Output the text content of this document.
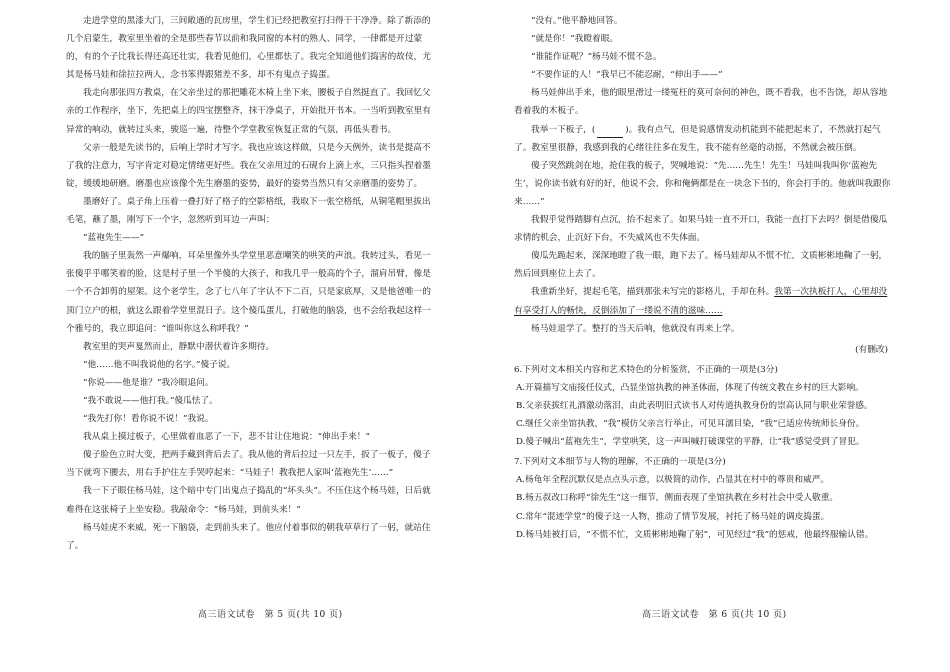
走进学堂的黑漆大门，三间敞通的瓦房里，学生们已经把教室打扫得干干净净。除了新添的几个启蒙生，教室里坐着的全是那些春节以前和我同窗的本村的熟人、同学，一律都是开过蒙的，有的个子比我长得还高还壮实，我看见他们，心里都怯了。我完全知道他们捣害的故伎，尤其是杨马娃和徐拉拉两人，念书笨得跟猪差不多，却不有鬼点子捣蛋。

我走向那张四方教桌，在父亲坐过的那把雕花木椅上坐下来，腰板子自然挺直了。我回忆父亲的工作程序，坐下，先把桌上的四宝摆整齐，抹干净桌子，开始批开书本。一当听到教室里有异常的响动，就转过头来，骏巡一遍，待整个学堂教室恢复正常的气氛，再低头看书。

父亲一般是先读书的，后响上学时才写字。我也应该这样做，只是今天例外，读书是提高不了我的注意力，写字肯定对稳定情绪更好些。我在父亲用过的石砚台上滴上水，三只指头捏着墨锭，缓缓地研磨。磨墨也应该像个先生磨墨的姿势，最好的姿势当然只有父亲磨墨的姿势了。

墨磨好了。桌子角上压着一叠打好了格子的空影格纸，我取下一张空格纸，从铜笔帽里拔出毛笔，蘸了墨，刚写下一个字，忽然听到耳边一声叫：

“蓝袍先生——”

我的脑子里轰然一声爆响，耳朵里像外头学堂里恶意嘲笑的哄笑的声浪。我转过头，看见一张傻乎乎哪笑着的脸，这是村子里一个半傻的大孩子，和我几乎一般高的个子，溜肩吊臂，像是一个不合卸剪的屋架。这个老学生，念了七八年了字认不下二百，只是家底厚，又是他爸唯一的顶门立户的根，就这么跟着学堂里混日子。这个傻瓜蛋儿，打破他的脑袋，也不会给我起这样一个雅号的，我立即追问：“谁叫你这么称呼我？”

教室里的哭声戛然而止，静默中潜伏着许多期待。

“他……他不叫我说他的名字。”傻子说。

“你说——他是谁？”我冷眼追问。

“我不敢说——他打我。”傻瓜怯了。

“我先打你！看你说不说！”我说。

我从桌上摸过板子，心里做着血恶了一下，悲不甘让住地说：“伸出手来！”

傻子脸色立时大变，把两手藏到背后去了。我从他的背后拉过一只左手，扳了一板子，傻子当下就弯下腰去，用右手护住左手哭哼起来：“马娃子！教我把人家叫‘蓝袍先生’……”

我一下子眼住杨马娃，这个暗中专门出鬼点子捣乱的“坏头头”。不压住这个杨马娃，日后就难得在这张椅子上坐安稳。我敲命令：“杨马娃，到前头来！”

杨马娃虎不来威，死一下脑袋，走到前头来了。他应付着事似的朝我草草行了一躬，就站住了。

“没有。”他平静地回答。

“就是你！”我瞪着眼。

“谁能作证呢？”杨马娃不慌不急。

“不要作证的人！”我早已不能忍耐，“伸出手——”

杨马娃伸出手来，他的眼里滑过一缕冤枉的莫可奈何的神色，既不看我，也不告饶，却从容地看着我的木板子。

我举一下板子，(	)。我有点气，但是说感情发动机能到不能把起来了，不然就打起气了。教室里很静，我感到我的心绪往往多在发生，我不能有丝毫的动摇，不然就会被压倒。

傻子突然跳剑在地，抢住我的板子，哭喊地说：“先……先生！先生！马娃叫我叫你‘蓝袍先生’，说你读书就有好的好，他说不会，你和俺俩都是在一块念下书的，你会打手的。他就叫我跟你来……”

我假乎觉得踏脚有点沉，抬不起来了。如果马娃一直不开口，我能一直打下去吗？倒是借傻瓜求情的机会，止沉好下台，不失威风也不失体面。

傻瓜先跪起来，深深地瞪了我一眼，跑下去了。杨马娃却从不慌不忙，文质彬彬地鞠了一躬，然后回到座位上去了。

我重新坐好，提起毛笔，描到那张未写完的影格儿，手却在科。我第一次执板打人，心里却没有享受打人的畅快，反倒添加了一缕说不清的滋味……

杨马娃退学了。整打的当天后响，他就没有再来上学。

(有删改)

6.下列对文本相关内容和艺术特色的分析鉴赏，不正确的一项是(3分)

A.开篇描写文庙接任仪式，凸显坐馆执教的神圣体面，体现了传统文教在乡村的巨大影响。

B.父亲获拔红礼酒激动落泪，由此表明旧式读书人对传道执教身份的崇高认同与职业荣誉感。

C.继任父亲坐馆执教，“我”模仿父亲言行举止，可见耳濡目染，“我”已适应传统师长身份。

D.傻子喊出“蓝袍先生”，学堂哄笑，这一声叫喊打破课堂的平静，让“我”感觉受到了冒犯。

7.下列对文本细节与人物的理解，不正确的一项是(3分)

A.杨龟年全程沉默仅是点点头示意，以极简的动作，凸显其在村中的尊贵和威严。

B.杨五叔改口称呼“徐先生”这一细节，侧面表现了坐馆执教在乡村社会中受人敬重。

C.常年“混迹学堂”的傻子这一人物，推动了情节发展，衬托了杨马娃的调皮捣蛋。

D.杨马娃被打后，“不慌不忙，文质彬彬地鞠了躬”，可见经过“我”的惩戒，他最终服输认错。

高三语文试卷　第 5 页(共 10 页)	高三语文试卷　第 6 页(共 10 页)
